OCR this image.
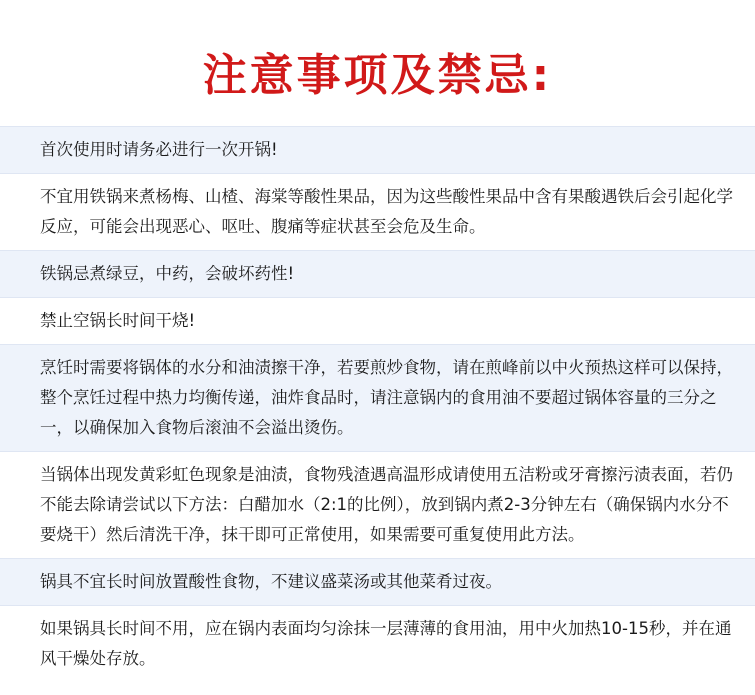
注意事项及禁忌:
首次使用时请务必进行一次开锅!
不宜用铁锅来煮杨梅、山楂、海棠等酸性果品，因为这些酸性果品中含有果酸遇铁后会引起化学反应，可能会出现恶心、呕吐、腹痛等症状甚至会危及生命。
铁锅忌煮绿豆，中药，会破坏药性!
禁止空锅长时间干烧!
烹饪时需要将锅体的水分和油渍擦干净，若要煎炒食物，请在煎峰前以中火预热这样可以保持，整个烹饪过程中热力均衡传递，油炸食品时，请注意锅内的食用油不要超过锅体容量的三分之一，以确保加入食物后滚油不会溢出烫伤。
当锅体出现发黄彩虹色现象是油渍，食物残渣遇高温形成请使用五洁粉或牙膏擦污渍表面，若仍不能去除请尝试以下方法：白醋加水（2:1的比例），放到锅内煮2-3分钟左右（确保锅内水分不要烧干）然后清洗干净，抹干即可正常使用，如果需要可重复使用此方法。
锅具不宜长时间放置酸性食物，不建议盛菜汤或其他菜肴过夜。
如果锅具长时间不用，应在锅内表面均匀涂抹一层薄薄的食用油，用中火加热10-15秒，并在通风干燥处存放。
